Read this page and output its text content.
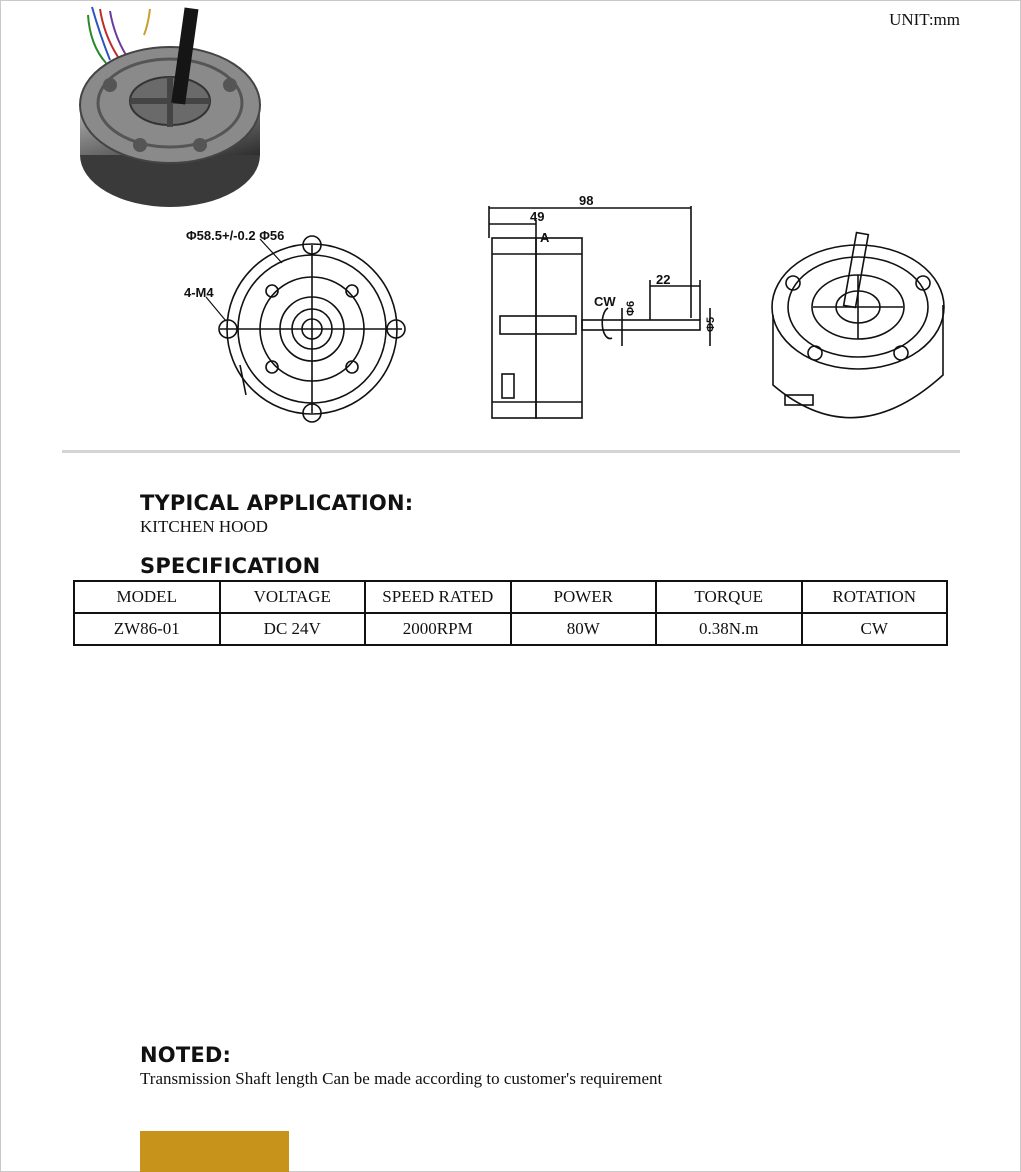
UNIT:mm
Φ58.5+/-0.2 Φ56
4-M4
98
49
A
22
CW Φ6
Φ5
TYPICAL APPLICATION:
KITCHEN HOOD
SPECIFICATION
MODEL	VOLTAGE	SPEED RATED	POWER	TORQUE	ROTATION
ZW86-01	DC 24V	2000RPM	80W	0.38N.m	CW
NOTED:
Transmission Shaft length Can be made according to customer's requirement
